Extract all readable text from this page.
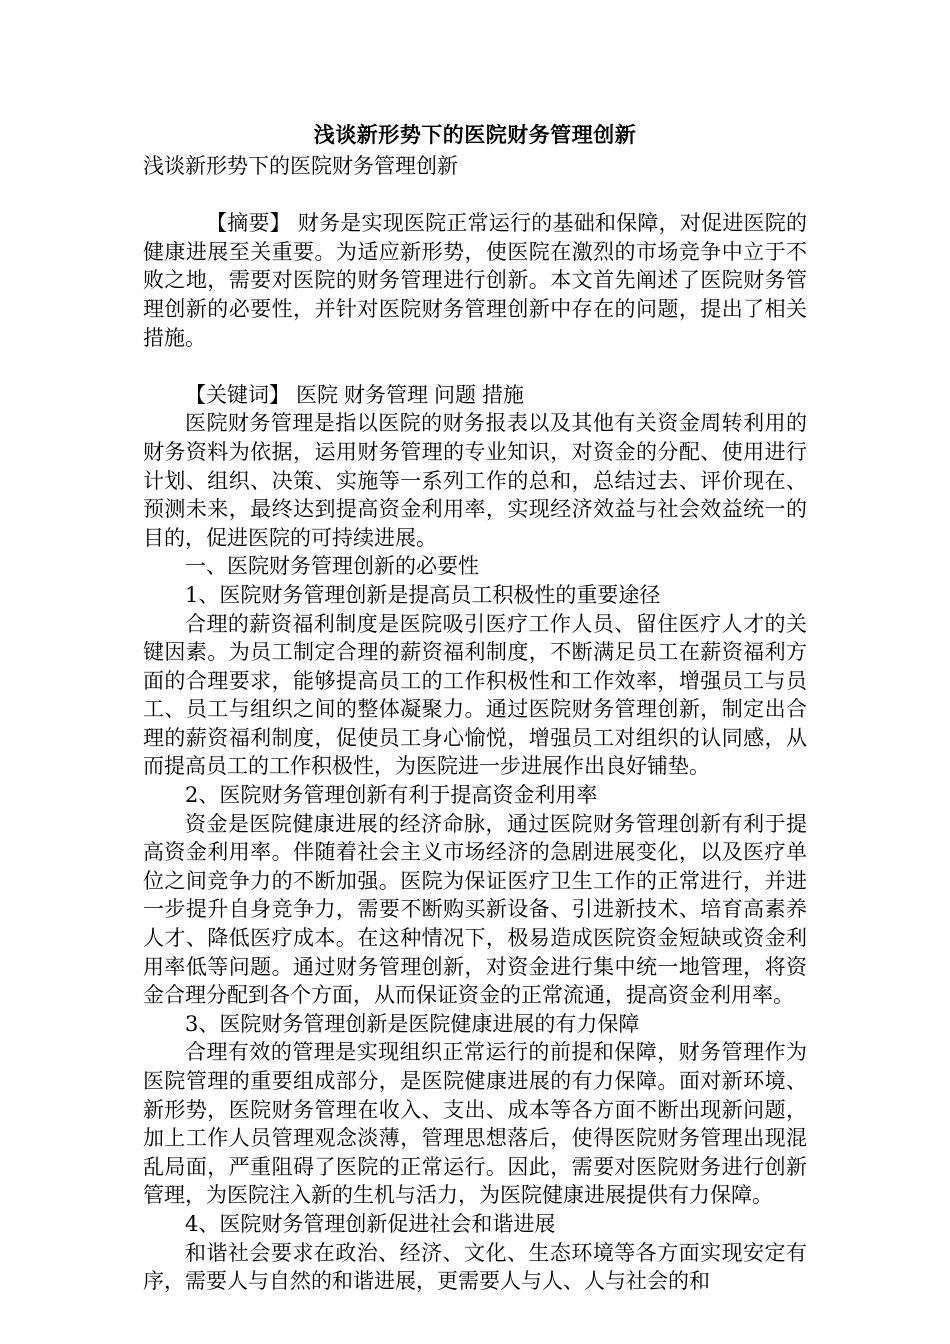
浅谈新形势下的医院财务管理创新

浅谈新形势下的医院财务管理创新

【摘要】 财务是实现医院正常运行的基础和保障，对促进医院的健康进展至关重要。为适应新形势，使医院在激烈的市场竞争中立于不败之地，需要对医院的财务管理进行创新。本文首先阐述了医院财务管理创新的必要性，并针对医院财务管理创新中存在的问题，提出了相关措施。

【关键词】 医院 财务管理 问题 措施

医院财务管理是指以医院的财务报表以及其他有关资金周转利用的财务资料为依据，运用财务管理的专业知识，对资金的分配、使用进行计划、组织、决策、实施等一系列工作的总和，总结过去、评价现在、预测未来，最终达到提高资金利用率，实现经济效益与社会效益统一的目的，促进医院的可持续进展。

一、医院财务管理创新的必要性

1、医院财务管理创新是提高员工积极性的重要途径

合理的薪资福利制度是医院吸引医疗工作人员、留住医疗人才的关键因素。为员工制定合理的薪资福利制度，不断满足员工在薪资福利方面的合理要求，能够提高员工的工作积极性和工作效率，增强员工与员工、员工与组织之间的整体凝聚力。通过医院财务管理创新，制定出合理的薪资福利制度，促使员工身心愉悦，增强员工对组织的认同感，从而提高员工的工作积极性，为医院进一步进展作出良好铺垫。

2、医院财务管理创新有利于提高资金利用率

资金是医院健康进展的经济命脉，通过医院财务管理创新有利于提高资金利用率。伴随着社会主义市场经济的急剧进展变化，以及医疗单位之间竞争力的不断加强。医院为保证医疗卫生工作的正常进行，并进一步提升自身竞争力，需要不断购买新设备、引进新技术、培育高素养人才、降低医疗成本。在这种情况下，极易造成医院资金短缺或资金利用率低等问题。通过财务管理创新，对资金进行集中统一地管理，将资金合理分配到各个方面，从而保证资金的正常流通，提高资金利用率。

3、医院财务管理创新是医院健康进展的有力保障

合理有效的管理是实现组织正常运行的前提和保障，财务管理作为医院管理的重要组成部分，是医院健康进展的有力保障。面对新环境、新形势，医院财务管理在收入、支出、成本等各方面不断出现新问题，加上工作人员管理观念淡薄，管理思想落后，使得医院财务管理出现混乱局面，严重阻碍了医院的正常运行。因此，需要对医院财务进行创新管理，为医院注入新的生机与活力，为医院健康进展提供有力保障。

4、医院财务管理创新促进社会和谐进展

和谐社会要求在政治、经济、文化、生态环境等各方面实现安定有序，需要人与自然的和谐进展，更需要人与人、人与社会的和
